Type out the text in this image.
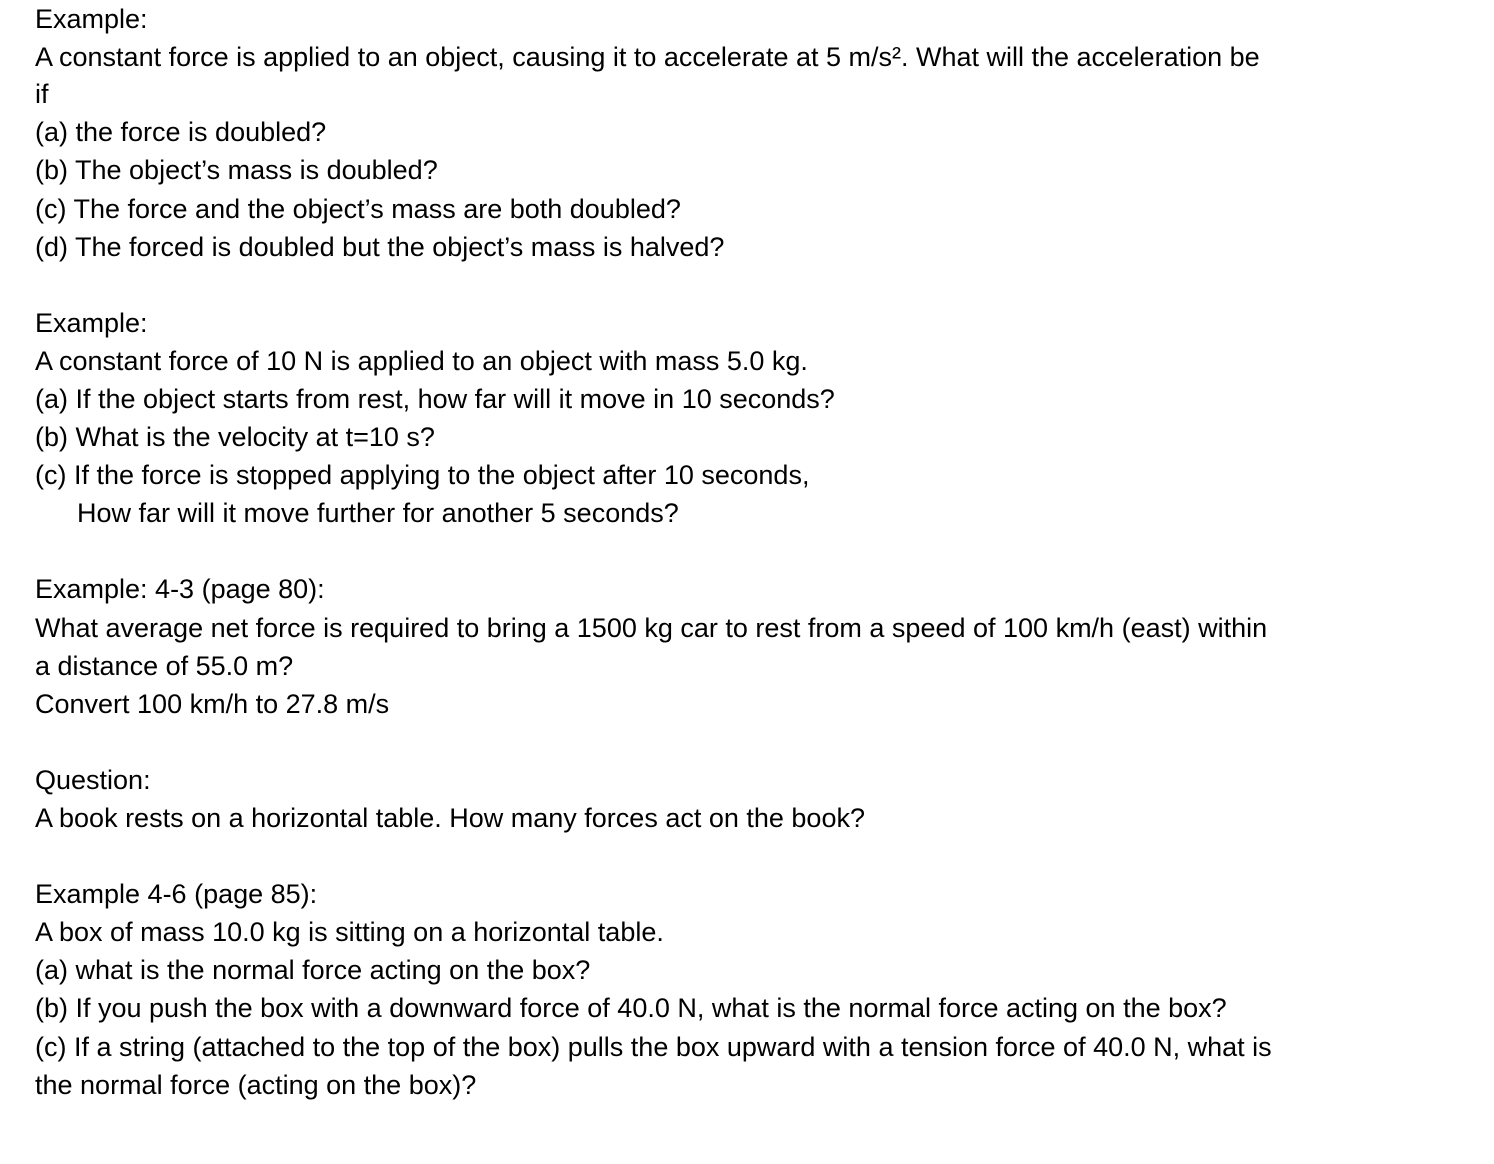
Example:
A constant force is applied to an object, causing it to accelerate at 5 m/s². What will the acceleration be
if
(a) the force is doubled?
(b) The object’s mass is doubled?
(c) The force and the object’s mass are both doubled?
(d) The forced is doubled but the object’s mass is halved?
Example:
A constant force of 10 N is applied to an object with mass 5.0 kg.
(a) If the object starts from rest, how far will it move in 10 seconds?
(b) What is the velocity at t=10 s?
(c) If the force is stopped applying to the object after 10 seconds,
How far will it move further for another 5 seconds?
Example: 4-3 (page 80):
What average net force is required to bring a 1500 kg car to rest from a speed of 100 km/h (east) within
a distance of 55.0 m?
Convert 100 km/h to 27.8 m/s
Question:
A book rests on a horizontal table. How many forces act on the book?
Example 4-6 (page 85):
A box of mass 10.0 kg is sitting on a horizontal table.
(a) what is the normal force acting on the box?
(b) If you push the box with a downward force of 40.0 N, what is the normal force acting on the box?
(c) If a string (attached to the top of the box) pulls the box upward with a tension force of 40.0 N, what is
the normal force (acting on the box)?
